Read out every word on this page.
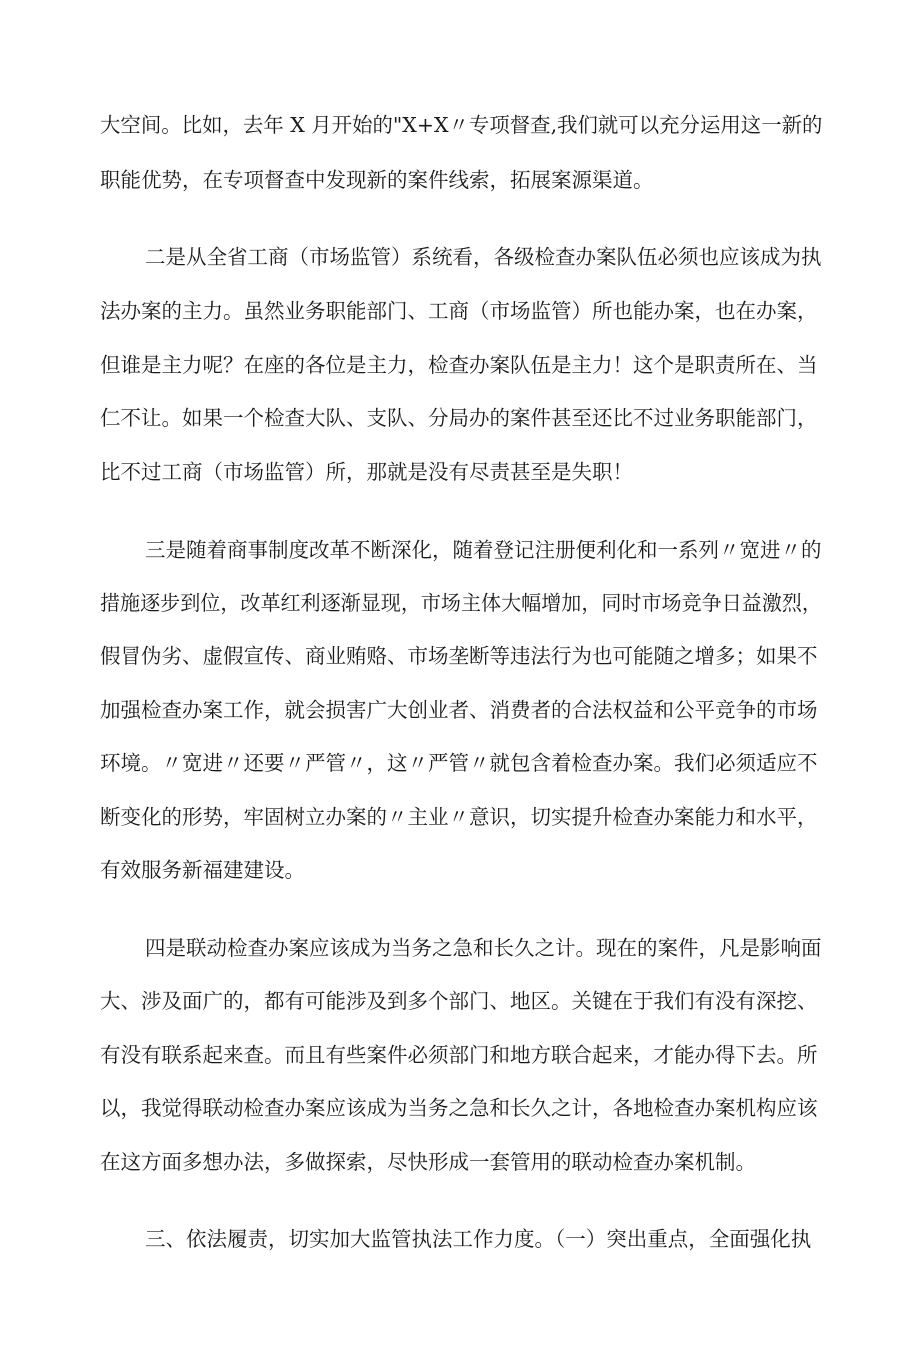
大空间。比如，去年 X 月开始的"X+X〃专项督查,我们就可以充分运用这一新的
职能优势，在专项督查中发现新的案件线索，拓展案源渠道。
二是从全省工商（市场监管）系统看，各级检查办案队伍必须也应该成为执
法办案的主力。虽然业务职能部门、工商（市场监管）所也能办案，也在办案，
但谁是主力呢？在座的各位是主力，检查办案队伍是主力！这个是职责所在、当
仁不让。如果一个检查大队、支队、分局办的案件甚至还比不过业务职能部门，
比不过工商（市场监管）所，那就是没有尽责甚至是失职！
三是随着商事制度改革不断深化，随着登记注册便利化和一系列〃宽进〃的
措施逐步到位，改革红利逐渐显现，市场主体大幅增加，同时市场竞争日益激烈，
假冒伪劣、虚假宣传、商业贿赂、市场垄断等违法行为也可能随之增多；如果不
加强检查办案工作，就会损害广大创业者、消费者的合法权益和公平竞争的市场
环境。〃宽进〃还要〃严管〃，这〃严管〃就包含着检查办案。我们必须适应不
断变化的形势，牢固树立办案的〃主业〃意识，切实提升检查办案能力和水平，
有效服务新福建建设。
四是联动检查办案应该成为当务之急和长久之计。现在的案件，凡是影响面
大、涉及面广的，都有可能涉及到多个部门、地区。关键在于我们有没有深挖、
有没有联系起来查。而且有些案件必须部门和地方联合起来，才能办得下去。所
以，我觉得联动检查办案应该成为当务之急和长久之计，各地检查办案机构应该
在这方面多想办法，多做探索，尽快形成一套管用的联动检查办案机制。
三、依法履责，切实加大监管执法工作力度。（一）突出重点，全面强化执
